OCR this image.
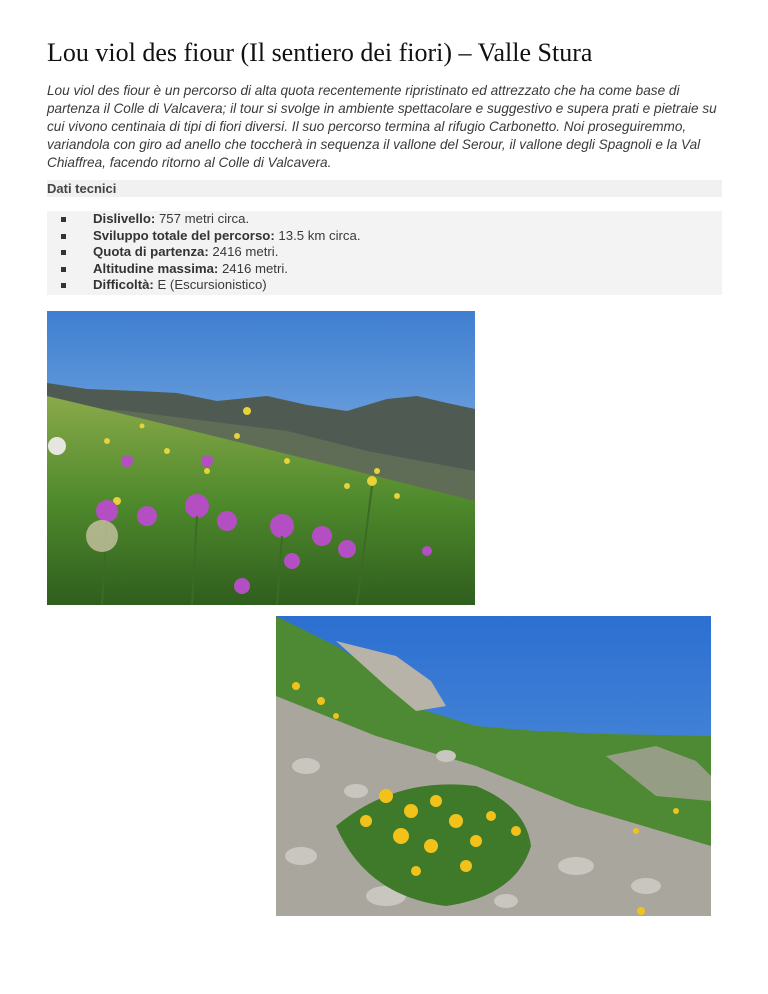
Lou viol des fiour (Il sentiero dei fiori) – Valle Stura

Lou viol des fiour è un percorso di alta quota recentemente ripristinato ed attrezzato che ha come base di partenza il Colle di Valcavera; il tour si svolge in ambiente spettacolare e suggestivo e supera prati e pietraie su cui vivono centinaia di tipi di fiori diversi. Il suo percorso termina al rifugio Carbonetto. Noi proseguiremmo, variandola con giro ad anello che toccherà in sequenza il vallone del Serour, il vallone degli Spagnoli e la Val Chiaffrea, facendo ritorno al Colle di Valcavera.

Dati tecnici
Dislivello: 757 metri circa.
Sviluppo totale del percorso: 13.5 km circa.
Quota di partenza: 2416 metri.
Altitudine massima: 2416 metri.
Difficoltà: E (Escursionistico)
